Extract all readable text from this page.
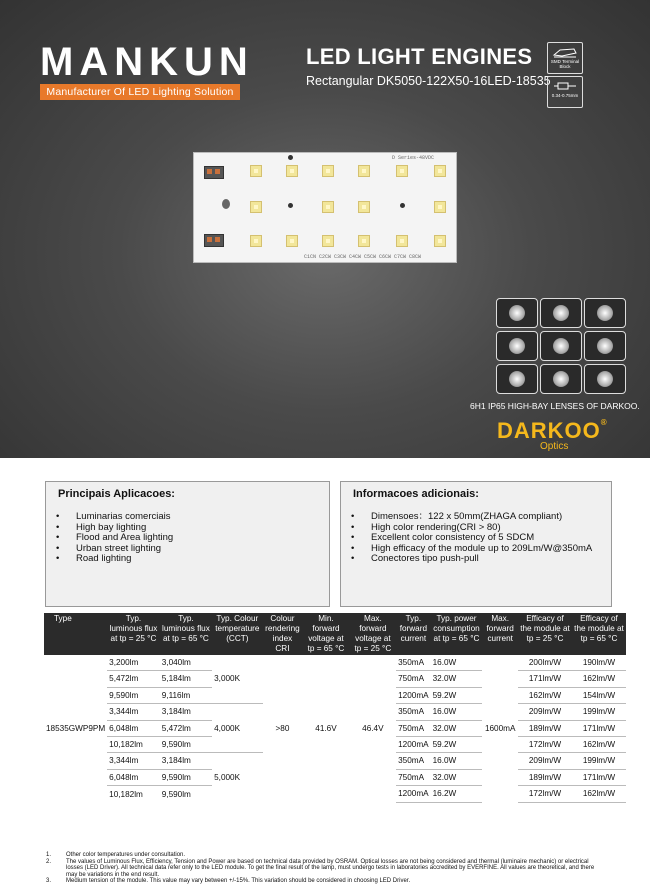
MANKUN
Manufacturer Of LED Lighting Solution
LED LIGHT ENGINES
Rectangular DK5050-122X50-16LED-18535
SMD Terminal Block
0.34-0.75mm
D Series-48VDC
C1CN C2CW C3CW C4CW C5CW C6CW C7CW C8CW
6H1 IP65 HIGH-BAY LENSES OF DARKOO.
DARKOO®
Optics
Principais Aplicacoes:
• Luminarias comerciais
• High bay lighting
• Flood and Area lighting
• Urban street lighting
• Road lighting
Informacoes adicionais:
• Dimensoes：122 x 50mm(ZHAGA compliant)
• High color rendering(CRI > 80)
• Excellent color consistency of 5 SDCM
• High efficacy of the module up to 209Lm/W@350mA
• Conectores tipo push-pull
Type	Typ. luminous flux at tp = 25 °C	Typ. luminous flux at tp = 65 °C	Typ. Colour temperature (CCT)	Colour rendering index CRI	Min. forward voltage at tp = 65 °C	Max. forward voltage at tp = 25 °C	Typ. forward current	Typ. power consumption at tp = 65 °C	Max. forward current	Efficacy of the module at tp = 25 °C	Efficacy of the module at tp = 65 °C
18535GWP9PM	3,200lm	3,040lm	3,000K	>80	41.6V	46.4V	350mA	16.0W	1600mA	200lm/W	190lm/W
	5,472lm	5,184lm					750mA	32.0W		171lm/W	162lm/W
	9,590lm	9,116lm					1200mA	59.2W		162lm/W	154lm/W
	3,344lm	3,184lm	4,000K				350mA	16.0W		209lm/W	199lm/W
	6,048lm	5,472lm					750mA	32.0W		189lm/W	171lm/W
	10,182lm	9,590lm					1200mA	59.2W		172lm/W	162lm/W
	3,344lm	3,184lm	5,000K				350mA	16.0W		209lm/W	199lm/W
	6,048lm	9,590lm					750mA	32.0W		189lm/W	171lm/W
	10,182lm	9,590lm					1200mA	16.2W		172lm/W	162lm/W
1.	Other color temperatures under consultation.
2.	The values of Luminous Flux, Efficiency, Tension and Power are based on technical data provided by OSRAM. Optical losses are not being considered and thermal (luminaire mechanic) or electrical losses (LED Driver). All technical data refer only to the LED module. To get the final result of the lamp, must undergo tests in laboratories accredited by EVERFINE. All values are theoretical, and there may be variations in the end result.
3.	Medium tension of the module. This value may vary between +/-15%. This variation should be considered in choosing LED Driver.
